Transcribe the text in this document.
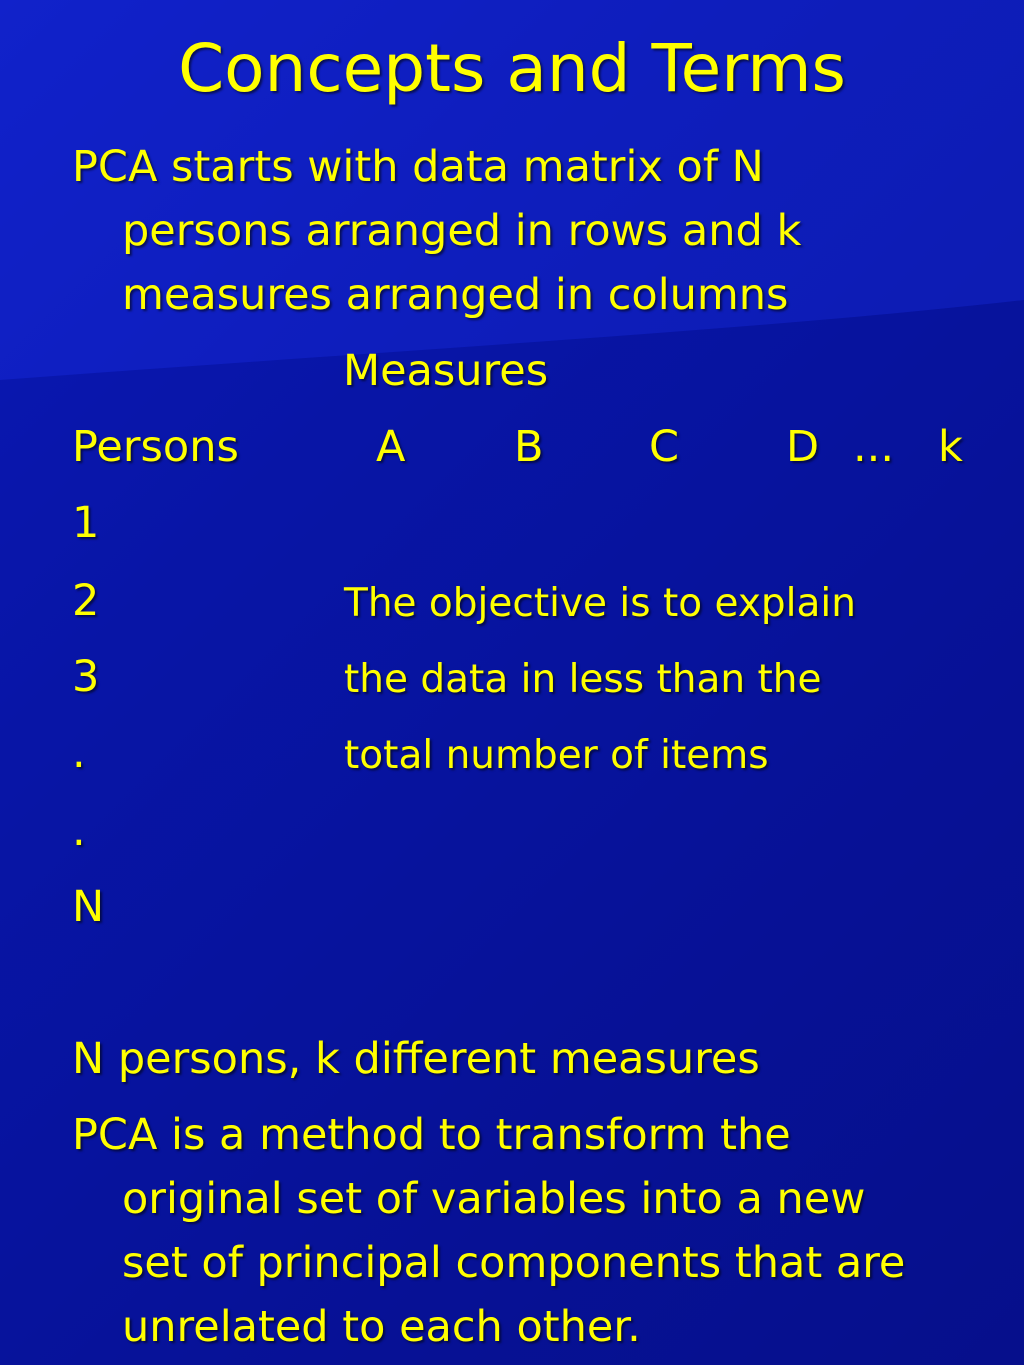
Concepts and Terms
PCA starts with data matrix of N
persons arranged in rows and k
measures arranged in columns
Measures
Persons	A	B C D ... k
1
2
3
.
.
N
The objective is to explain
the data in less than the
total number of items
N persons, k different measures
PCA is a method to transform the
original set of variables into a new
set of principal components that are
unrelated to each other.
